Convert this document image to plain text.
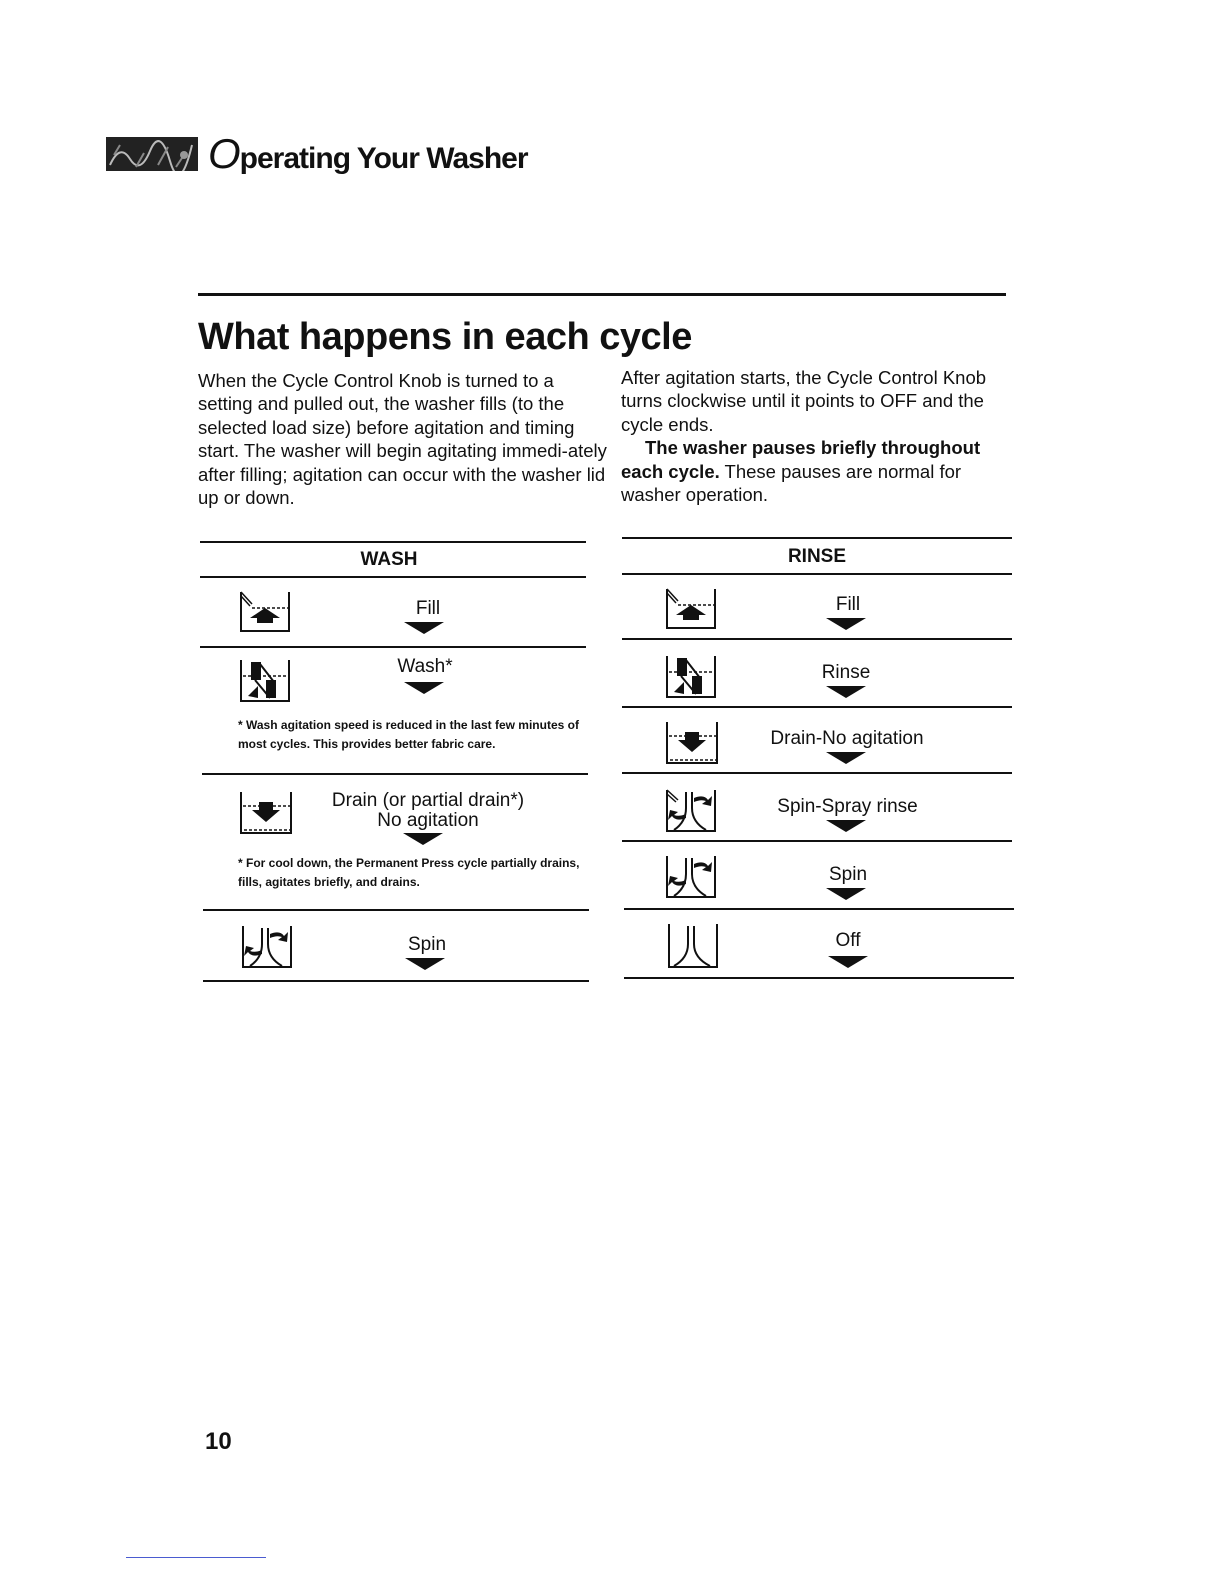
Operating Your Washer
What happens in each cycle
When the Cycle Control Knob is turned to a setting and pulled out, the washer fills (to the selected load size) before agitation and timing start. The washer will begin agitating immedi-ately after filling; agitation can occur with the washer lid up or down.

After agitation starts, the Cycle Control Knob turns clockwise until it points to OFF and the cycle ends.

The washer pauses briefly throughout each cycle. These pauses are normal for washer operation.

WASH
Fill
Wash*
* Wash agitation speed is reduced in the last few minutes of most cycles. This provides better fabric care.
Drain (or partial drain*)
No agitation
* For cool down, the Permanent Press cycle partially drains, fills, agitates briefly, and drains.
Spin
RINSE
Fill
Rinse
Drain-No agitation
Spin-Spray rinse
Spin
Off
10
